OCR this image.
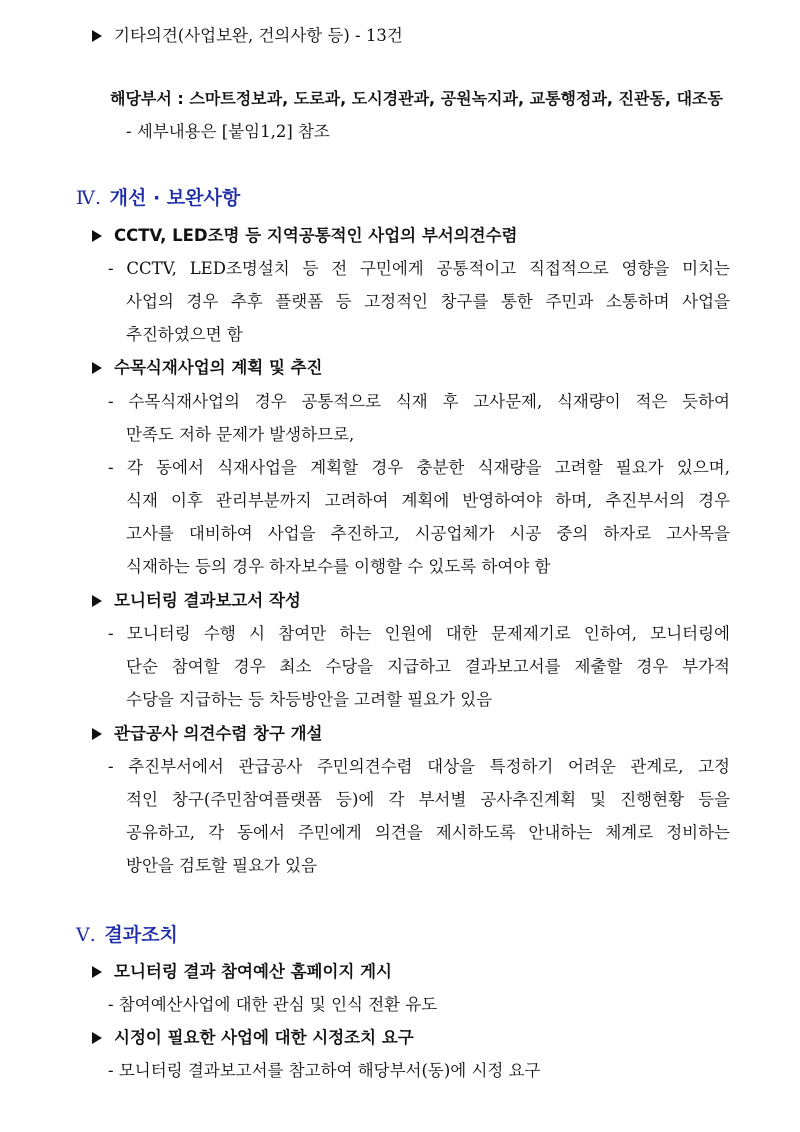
기타의견(사업보완, 건의사항 등) - 13건
해당부서 : 스마트정보과, 도로과, 도시경관과, 공원녹지과, 교통행정과, 진관동, 대조동
- 세부내용은 [붙임1,2] 참조
Ⅳ. 개선 · 보완사항
CCTV, LED조명 등 지역공통적인 사업의 부서의견수렴
- CCTV, LED조명설치 등 전 구민에게 공통적이고 직접적으로 영향을 미치는
사업의 경우 추후 플랫폼 등 고정적인 창구를 통한 주민과 소통하며 사업을
추진하였으면 함
수목식재사업의 계획 및 추진
- 수목식재사업의 경우 공통적으로 식재 후 고사문제, 식재량이 적은 듯하여
만족도 저하 문제가 발생하므로,
- 각 동에서 식재사업을 계획할 경우 충분한 식재량을 고려할 필요가 있으며,
식재 이후 관리부분까지 고려하여 계획에 반영하여야 하며, 추진부서의 경우
고사를 대비하여 사업을 추진하고, 시공업체가 시공 중의 하자로 고사목을
식재하는 등의 경우 하자보수를 이행할 수 있도록 하여야 함
모니터링 결과보고서 작성
- 모니터링 수행 시 참여만 하는 인원에 대한 문제제기로 인하여, 모니터링에
단순 참여할 경우 최소 수당을 지급하고 결과보고서를 제출할 경우 부가적
수당을 지급하는 등 차등방안을 고려할 필요가 있음
관급공사 의견수렴 창구 개설
- 추진부서에서 관급공사 주민의견수렴 대상을 특정하기 어려운 관계로, 고정
적인 창구(주민참여플랫폼 등)에 각 부서별 공사추진계획 및 진행현황 등을
공유하고, 각 동에서 주민에게 의견을 제시하도록 안내하는 체계로 정비하는
방안을 검토할 필요가 있음
Ⅴ. 결과조치
모니터링 결과 참여예산 홈페이지 게시
- 참여예산사업에 대한 관심 및 인식 전환 유도
시정이 필요한 사업에 대한 시정조치 요구
- 모니터링 결과보고서를 참고하여 해당부서(동)에 시정 요구
